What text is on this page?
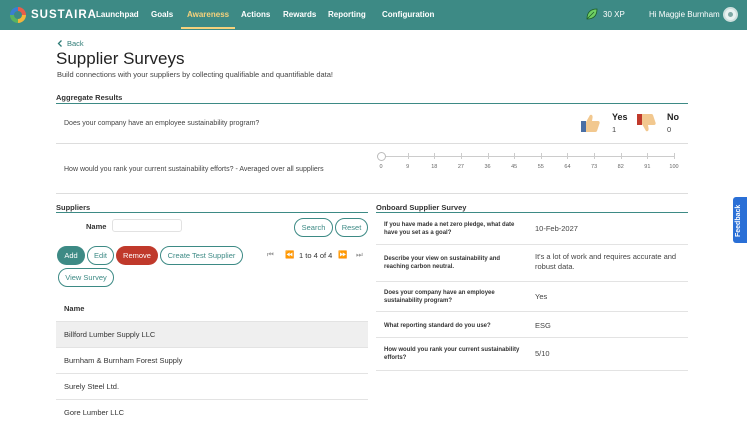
SUSTAIRA Launchpad Goals Awareness Actions Rewards Reporting Configuration	30 XP	Hi Maggie Burnham
Back
Supplier Surveys
Build connections with your suppliers by collecting qualifiable and quantifiable data!
Aggregate Results
Does your company have an employee sustainability program?
Yes
1
No
0
How would you rank your current sustainability efforts? - Averaged over all suppliers	0	9	18	27	36	45	55	64	73	82	91	100
Suppliers
Name	Search	Reset
Add	Edit	Remove	Create Test Supplier	⏮ ⏪ 1 to 4 of 4 ⏩ ⏭
View Survey
Name
Billford Lumber Supply LLC
Burnham & Burnham Forest Supply
Surely Steel Ltd.
Gore Lumber LLC
Onboard Supplier Survey
If you have made a net zero pledge, what date have you set as a goal?	10-Feb-2027
Describe your view on sustainability and reaching carbon neutral.
It's a lot of work and requires accurate and robust data.
Does your company have an employee sustainability program?	Yes
What reporting standard do you use?	ESG
How would you rank your current sustainability efforts?	5/10
Feedback
